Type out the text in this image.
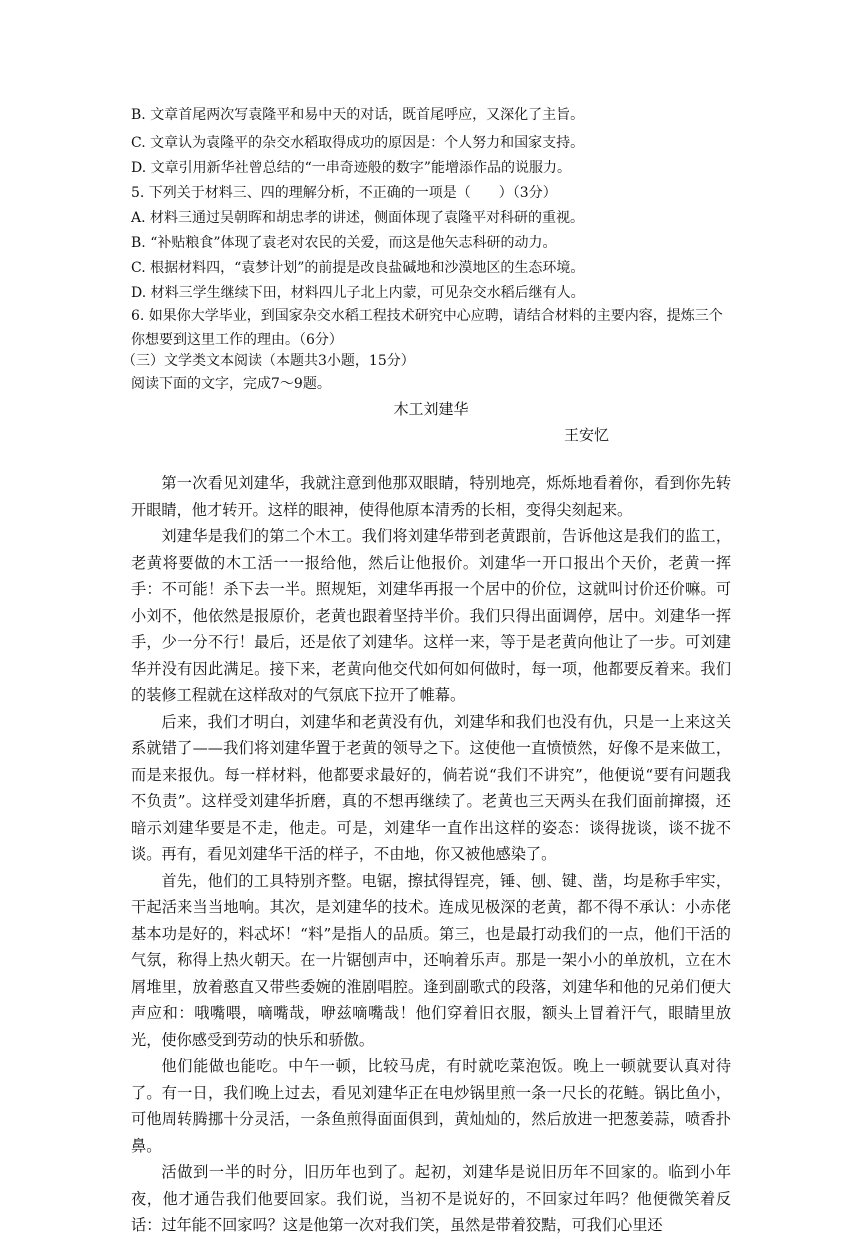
B. 文章首尾两次写袁隆平和易中天的对话，既首尾呼应，又深化了主旨。
C. 文章认为袁隆平的杂交水稻取得成功的原因是：个人努力和国家支持。
D. 文章引用新华社曾总结的“一串奇迹般的数字”能增添作品的说服力。
5. 下列关于材料三、四的理解分析，不正确的一项是（　　）（3分）
A. 材料三通过吴朝晖和胡忠孝的讲述，侧面体现了袁隆平对科研的重视。
B. “补贴粮食”体现了袁老对农民的关爱，而这是他矢志科研的动力。
C. 根据材料四，“袁梦计划”的前提是改良盐碱地和沙漠地区的生态环境。
D. 材料三学生继续下田，材料四儿子北上内蒙，可见杂交水稻后继有人。
6. 如果你大学毕业，到国家杂交水稻工程技术研究中心应聘，请结合材料的主要内容，提炼三个你想要到这里工作的理由。（6分）
（三）文学类文本阅读（本题共3小题，15分）
阅读下面的文字，完成7～9题。
木工刘建华
王安忆

第一次看见刘建华，我就注意到他那双眼睛，特别地亮，烁烁地看着你，看到你先转开眼睛，他才转开。这样的眼神，使得他原本清秀的长相，变得尖刻起来。

刘建华是我们的第二个木工。我们将刘建华带到老黄跟前，告诉他这是我们的监工，老黄将要做的木工活一一报给他，然后让他报价。刘建华一开口报出个天价，老黄一挥手：不可能！杀下去一半。照规矩，刘建华再报一个居中的价位，这就叫讨价还价嘛。可小刘不，他依然是报原价，老黄也跟着坚持半价。我们只得出面调停，居中。刘建华一挥手，少一分不行！最后，还是依了刘建华。这样一来，等于是老黄向他让了一步。可刘建华并没有因此满足。接下来，老黄向他交代如何如何做时，每一项，他都要反着来。我们的装修工程就在这样敌对的气氛底下拉开了帷幕。

后来，我们才明白，刘建华和老黄没有仇，刘建华和我们也没有仇，只是一上来这关系就错了——我们将刘建华置于老黄的领导之下。这使他一直愤愤然，好像不是来做工，而是来报仇。每一样材料，他都要求最好的，倘若说“我们不讲究”，他便说“要有问题我不负责”。这样受刘建华折磨，真的不想再继续了。老黄也三天两头在我们面前撺掇，还暗示刘建华要是不走，他走。可是，刘建华一直作出这样的姿态：谈得拢谈，谈不拢不谈。再有，看见刘建华干活的样子，不由地，你又被他感染了。

首先，他们的工具特别齐整。电锯，擦拭得锃亮，锤、刨、键、凿，均是称手牢实，干起活来当当地响。其次，是刘建华的技术。连成见极深的老黄，都不得不承认：小赤佬基本功是好的，料忒坏！“料”是指人的品质。第三，也是最打动我们的一点，他们干活的气氛，称得上热火朝天。在一片锯刨声中，还响着乐声。那是一架小小的单放机，立在木屑堆里，放着憨直又带些委婉的淮剧唱腔。逢到副歌式的段落，刘建华和他的兄弟们便大声应和：哦嘴喂，嘀嘴哉，咿兹嘀嘴哉！他们穿着旧衣服，额头上冒着汗气，眼睛里放光，使你感受到劳动的快乐和骄傲。

他们能做也能吃。中午一顿，比较马虎，有时就吃菜泡饭。晚上一顿就要认真对待了。有一日，我们晚上过去，看见刘建华正在电炒锅里煎一条一尺长的花鲢。锅比鱼小，可他周转腾挪十分灵活，一条鱼煎得面面俱到，黄灿灿的，然后放进一把葱姜蒜，喷香扑鼻。

活做到一半的时分，旧历年也到了。起初，刘建华是说旧历年不回家的。临到小年夜，他才通告我们他要回家。我们说，当初不是说好的，不回家过年吗？他便微笑着反话：过年能不回家吗？这是他第一次对我们笑，虽然是带着狡黠，可我们心里还
